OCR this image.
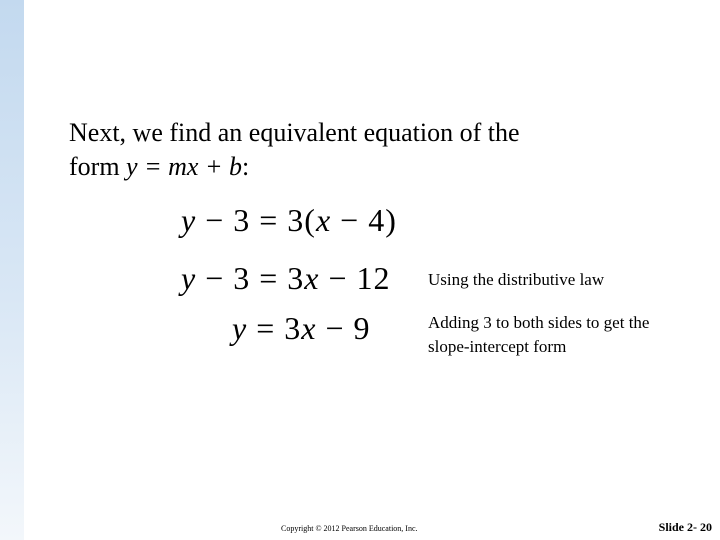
Next, we find an equivalent equation of the
form y = mx + b:
y − 3 = 3(x − 4)
y − 3 = 3x − 12
y = 3x − 9
Using the distributive law
Adding 3 to both sides to get the slope-intercept form
Copyright © 2012 Pearson Education, Inc.	Slide 2- 20
